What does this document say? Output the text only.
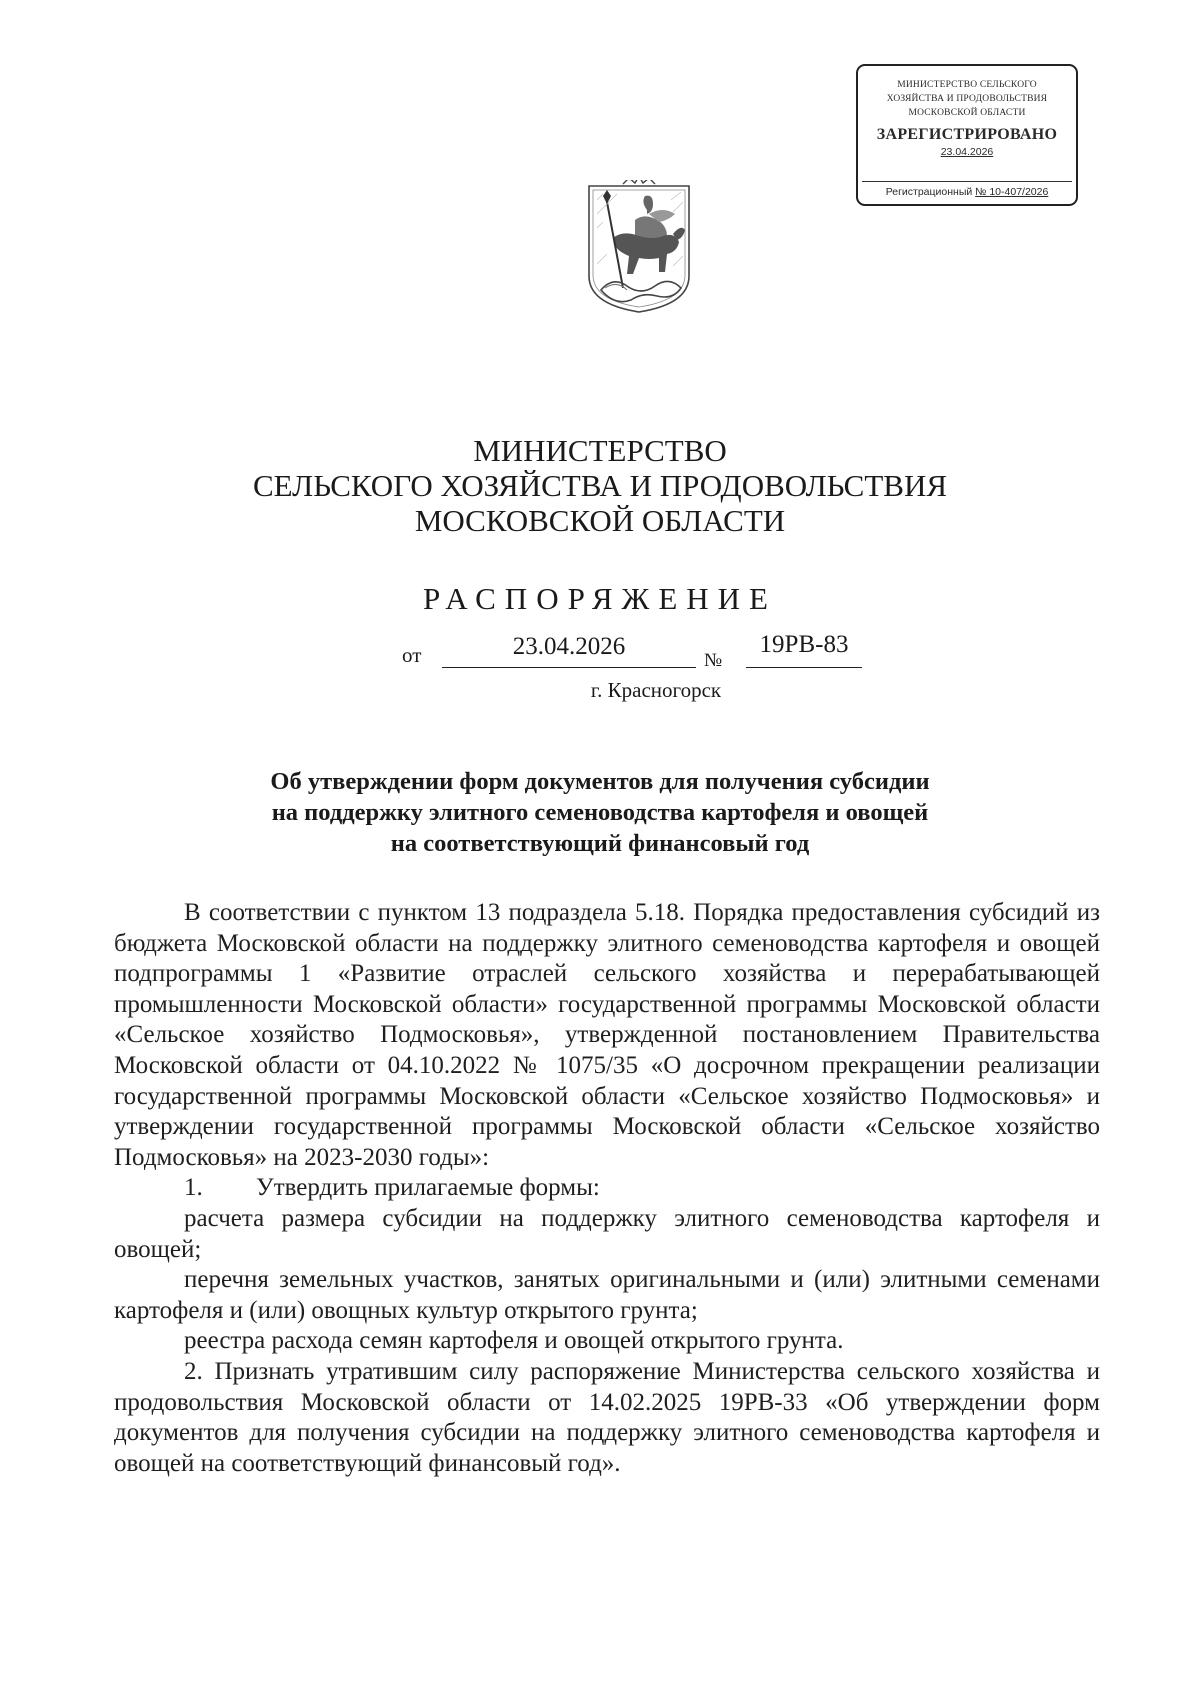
МИНИСТЕРСТВО СЕЛЬСКОГО
ХОЗЯЙСТВА И ПРОДОВОЛЬСТВИЯ
МОСКОВСКОЙ ОБЛАСТИ
ЗАРЕГИСТРИРОВАНО
23.04.2026
Регистрационный № 10-407/2026
МИНИСТЕРСТВО
СЕЛЬСКОГО ХОЗЯЙСТВА И ПРОДОВОЛЬСТВИЯ
МОСКОВСКОЙ ОБЛАСТИ
РАСПОРЯЖЕНИЕ
от	23.04.2026
№
19РВ-83
г. Красногорск
Об утверждении форм документов для получения субсидии
на поддержку элитного семеноводства картофеля и овощей
на соответствующий финансовый год

В соответствии с пунктом 13 подраздела 5.18. Порядка предоставления субсидий из бюджета Московской области на поддержку элитного семеноводства картофеля и овощей подпрограммы 1 «Развитие отраслей сельского хозяйства и перерабатывающей промышленности Московской области» государственной программы Московской области «Сельское хозяйство Подмосковья», утвержденной постановлением Правительства Московской области от 04.10.2022 № 1075/35 «О досрочном прекращении реализации государственной программы Московской области «Сельское хозяйство Подмосковья» и утверждении государственной программы Московской области «Сельское хозяйство Подмосковья» на 2023-2030 годы»:

1. Утвердить прилагаемые формы:

расчета размера субсидии на поддержку элитного семеноводства картофеля и овощей;

перечня земельных участков, занятых оригинальными и (или) элитными семенами картофеля и (или) овощных культур открытого грунта;

реестра расхода семян картофеля и овощей открытого грунта.

2. Признать утратившим силу распоряжение Министерства сельского хозяйства и продовольствия Московской области от 14.02.2025 19РВ-33 «Об утверждении форм документов для получения субсидии на поддержку элитного семеноводства картофеля и овощей на соответствующий финансовый год».
